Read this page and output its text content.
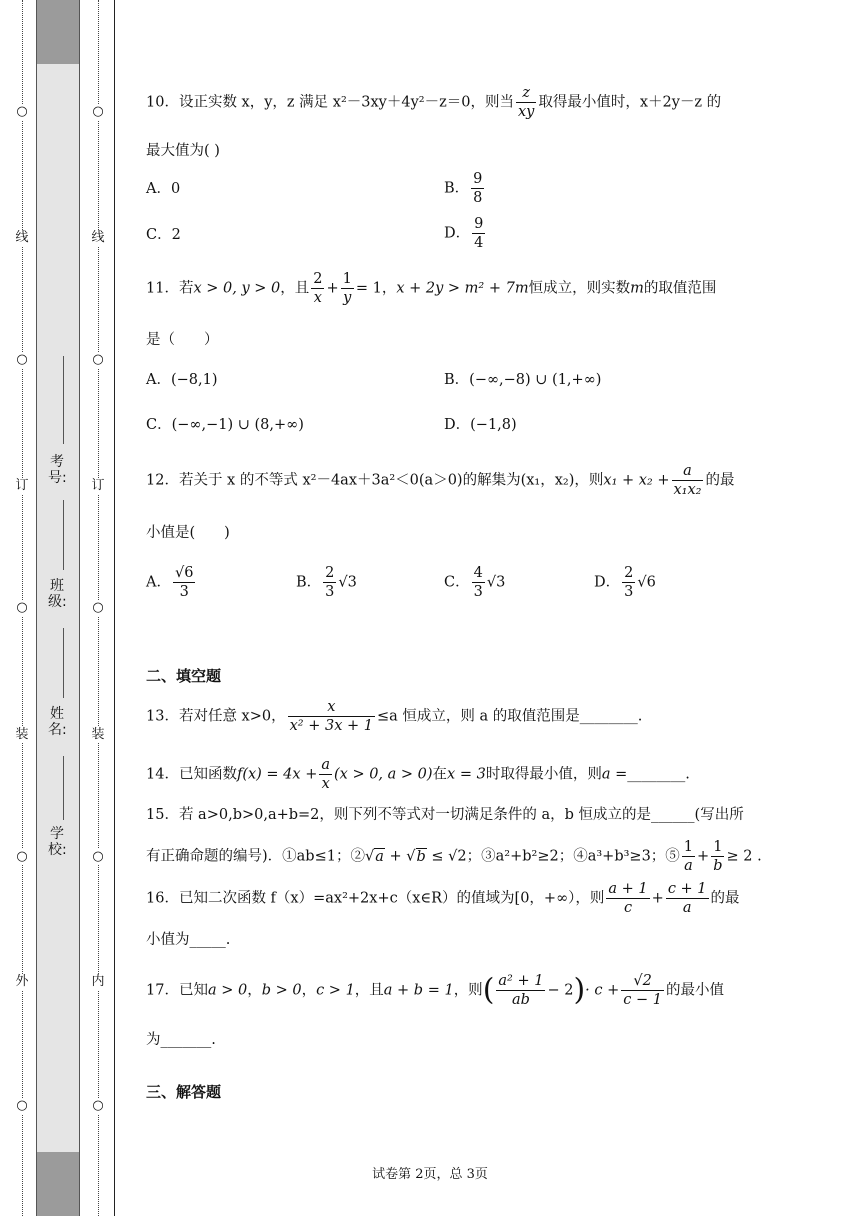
○
线
○
订
○
装
○
外
○
○
线
○
订
○
装
○
内
○
考号:
班级:
姓名:
学校:
10．设正实数 x，y，z 满足 x²－3xy＋4y²－z＝0，则当 $\frac{z}{xy}$ 取得最小值时，x＋2y－z 的
最大值为( )
A．0	B． $\frac{9}{8}$
C．2	D． $\frac{9}{4}$
11．若x > 0, y > 0，且 $\frac{2}{x} + \frac{1}{y} = 1$，x + 2y > m² + 7m恒成立，则实数m的取值范围
是（　　）
A．(−8,1)	B．(−∞,−8) ∪ (1,+∞)
C．(−∞,−1) ∪ (8,+∞)	D．(−1,8)
12．若关于 x 的不等式 x²－4ax＋3a²＜0(a＞0)的解集为(x₁，x₂)，则$x_1 + x_2 + \frac{a}{\text{x₁x₂}}$ 的最
小值是(　　)
A． $\frac{√6}{3}$	B． $\frac{2}{3} √3$	C． $\frac{4}{3} √3$	D． $\frac{2}{3} √6$
二、填空题
13．若对任意 x>0， $\frac{x}{\text{x² + 3x + 1}} \le a$ 恒成立，则 a 的取值范围是________.
14．已知函数$f(x) = 4x + \frac{a}{x} (x > 0$, a > 0)在x = 3时取得最小值，则a =________.
15．若 a>0,b>0,a+b=2，则下列不等式对一切满足条件的 a，b 恒成立的是______(写出所
有正确命题的编号)．①ab≤1；②√a + √b ≤ √2；③a²+b²≥2；④a³+b³≥3；⑤ $\frac{1}{a} + \frac{1}{b} \ge 2$ .
16．已知二次函数 f（x）=ax²+2x+c（x∈R）的值域为[0，+∞），则 $\frac{a + 1}{c} + \frac{c + 1}{a}$ 的最
小值为_____.
17．已知a > 0，b > 0，c > 1，且a + b = 1，则( $\frac{\text{a² + 1}}{ab} - 2)\cdot c + \frac{√2}{c - 1}$ 的最小值
为_______.
三、解答题
试卷第 2页，总 3页
